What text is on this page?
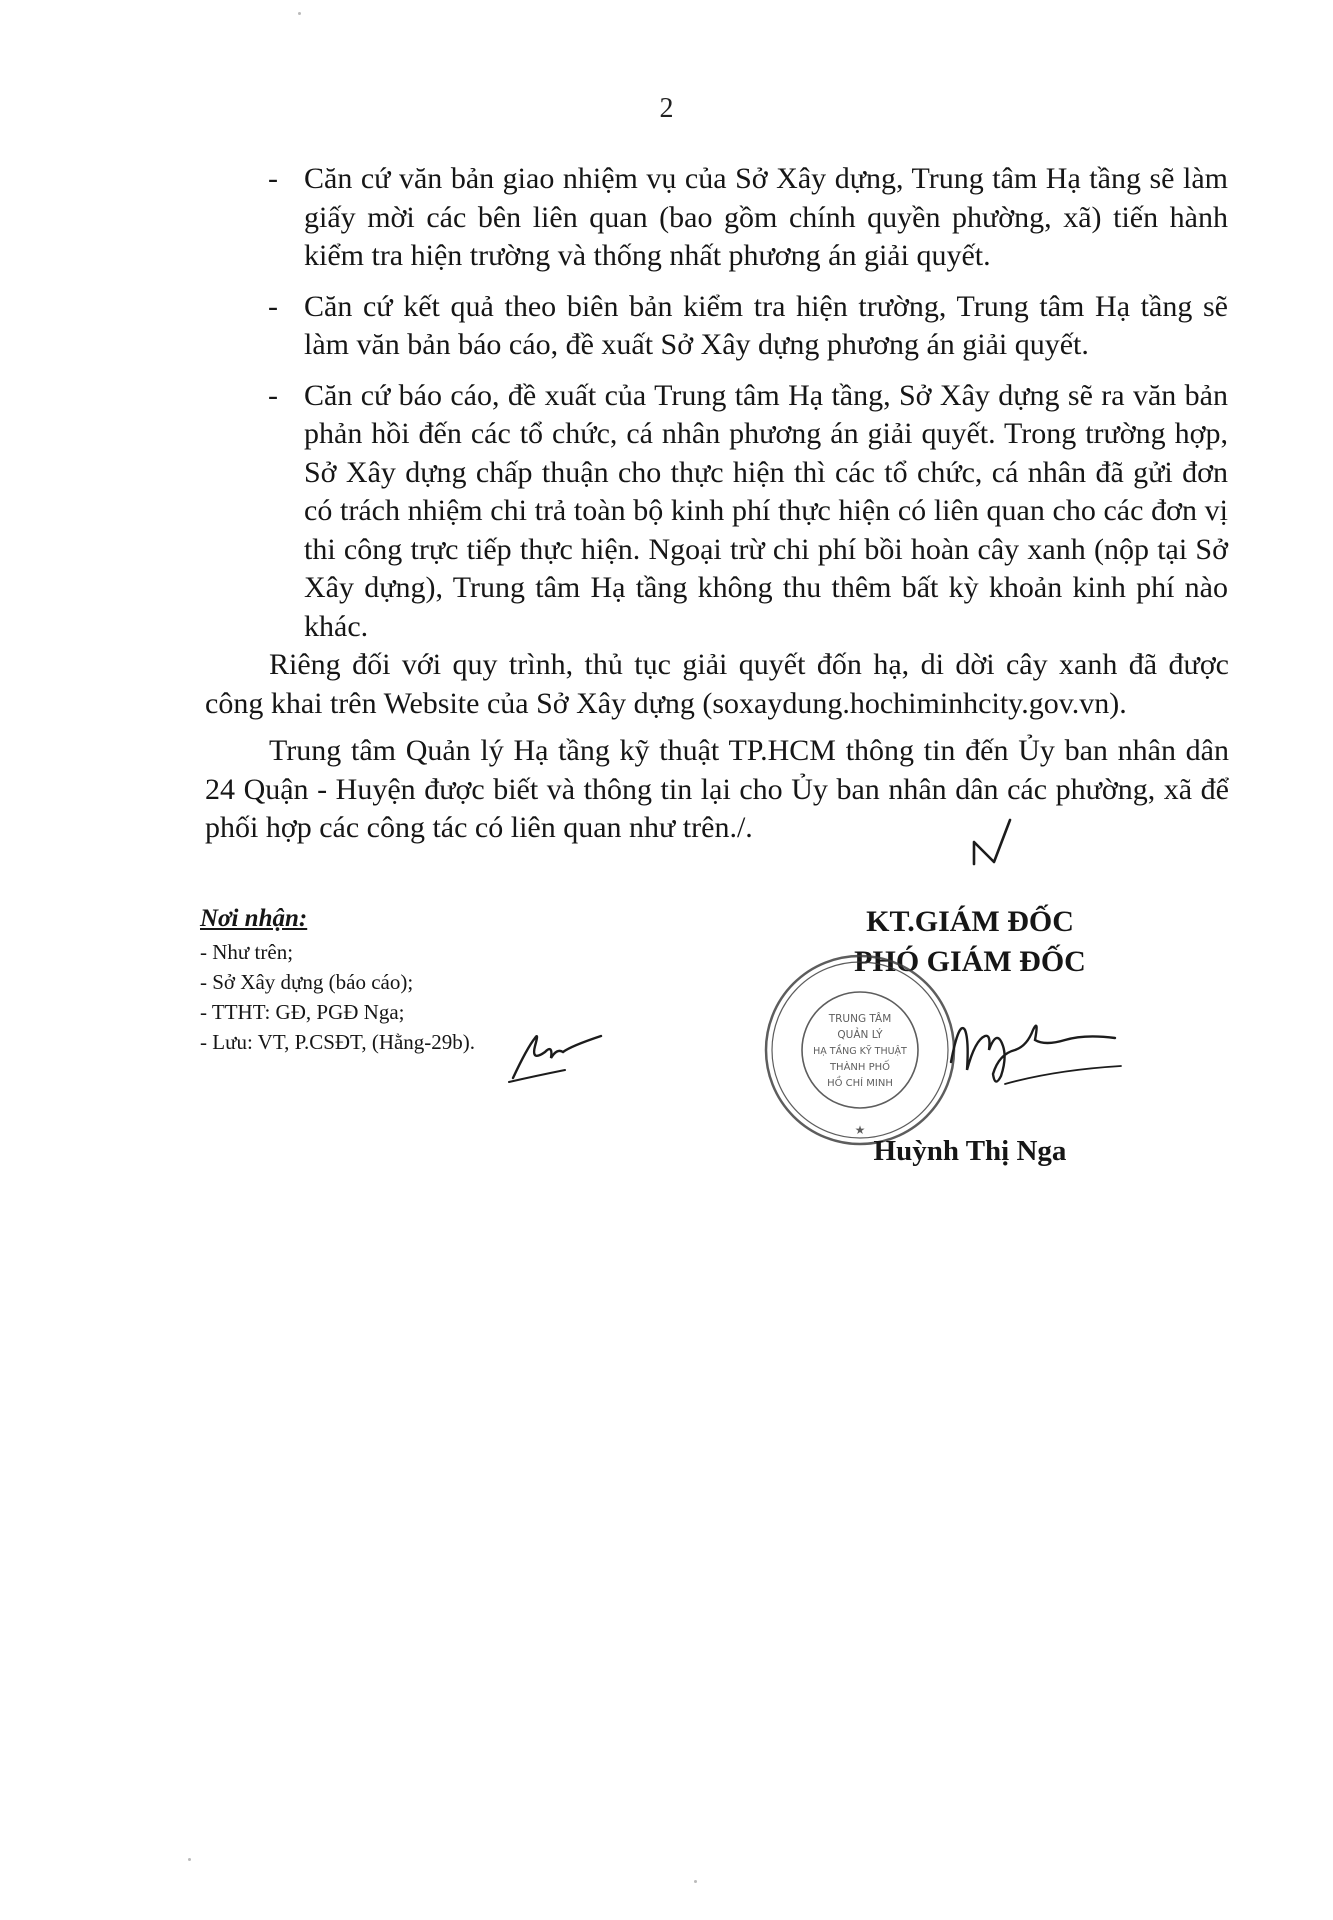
2
- Căn cứ văn bản giao nhiệm vụ của Sở Xây dựng, Trung tâm Hạ tầng sẽ làm giấy mời các bên liên quan (bao gồm chính quyền phường, xã) tiến hành kiểm tra hiện trường và thống nhất phương án giải quyết.

- Căn cứ kết quả theo biên bản kiểm tra hiện trường, Trung tâm Hạ tầng sẽ làm văn bản báo cáo, đề xuất Sở Xây dựng phương án giải quyết.

- Căn cứ báo cáo, đề xuất của Trung tâm Hạ tầng, Sở Xây dựng sẽ ra văn bản phản hồi đến các tổ chức, cá nhân phương án giải quyết. Trong trường hợp, Sở Xây dựng chấp thuận cho thực hiện thì các tổ chức, cá nhân đã gửi đơn có trách nhiệm chi trả toàn bộ kinh phí thực hiện có liên quan cho các đơn vị thi công trực tiếp thực hiện. Ngoại trừ chi phí bồi hoàn cây xanh (nộp tại Sở Xây dựng), Trung tâm Hạ tầng không thu thêm bất kỳ khoản kinh phí nào khác.

Riêng đối với quy trình, thủ tục giải quyết đốn hạ, di dời cây xanh đã được công khai trên Website của Sở Xây dựng (soxaydung.hochiminhcity.gov.vn).

Trung tâm Quản lý Hạ tầng kỹ thuật TP.HCM thông tin đến Ủy ban nhân dân 24 Quận - Huyện được biết và thông tin lại cho Ủy ban nhân dân các phường, xã để phối hợp các công tác có liên quan như trên./.

Nơi nhận:
- Như trên;
- Sở Xây dựng (báo cáo);
- TTHT: GĐ, PGĐ Nga;
- Lưu: VT, P.CSĐT, (Hằng-29b).
KT.GIÁM ĐỐC
PHÓ GIÁM ĐỐC
TRUNG TÂM
QUẢN LÝ
HẠ TẦNG KỸ THUẬT
THÀNH PHỐ
HỒ CHÍ MINH
★
Huỳnh Thị Nga
